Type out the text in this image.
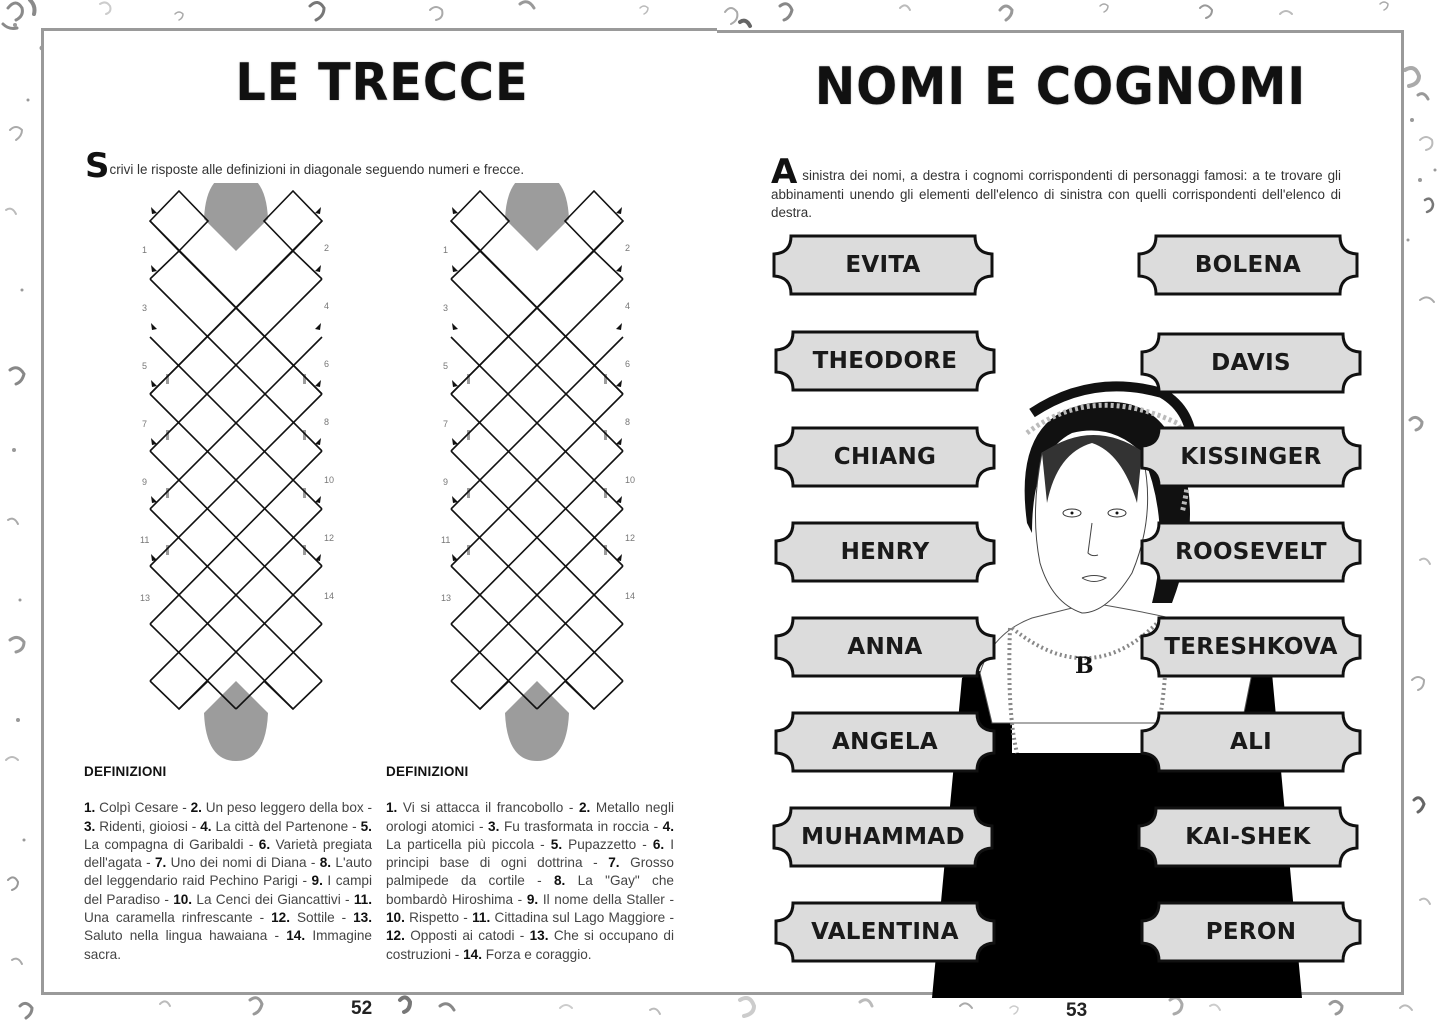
LE TRECCE

Scrivi le risposte alle definizioni in diagonale seguendo numeri e frecce.

1
3
5
7
9
11
13
2
4
6
8
10
12
14
1
3
5
7
9
11
13
2
4
6
8
10
12
14
DEFINIZIONI
1. Colpì Cesare - 2. Un peso leggero della box - 3. Ridenti, gioiosi - 4. La città del Partenone - 5. La compagna di Garibaldi - 6. Varietà pregiata dell'agata - 7. Uno dei nomi di Diana - 8. L'auto del leggendario raid Pechino Parigi - 9. I campi del Paradiso - 10. La Cenci dei Giancattivi - 11. Una caramella rinfrescante - 12. Sottile - 13. Saluto nella lingua hawaiana - 14. Immagine sacra.
DEFINIZIONI
1. Vi si attacca il francobollo - 2. Metallo negli orologi atomici - 3. Fu trasformata in roccia - 4. La particella più piccola - 5. Pupazzetto - 6. I principi base di ogni dottrina - 7. Grosso palmipede da cortile - 8. La "Gay" che bombardò Hiroshima - 9. Il nome della Staller - 10. Rispetto - 11. Cittadina sul Lago Maggiore - 12. Opposti ai catodi - 13. Che si occupano di costruzioni - 14. Forza e coraggio.
NOMI E COGNOMI

A sinistra dei nomi, a destra i cognomi corrispondenti di personaggi famosi: a te trovare gli abbinamenti unendo gli elementi dell'elenco di sinistra con quelli corrispondenti dell'elenco di destra.

B
EVITA
THEODORE
CHIANG
HENRY
ANNA
ANGELA
MUHAMMAD
VALENTINA
BOLENA
DAVIS
KISSINGER
ROOSEVELT
TERESHKOVA
ALI
KAI-SHEK
PERON
52	53
